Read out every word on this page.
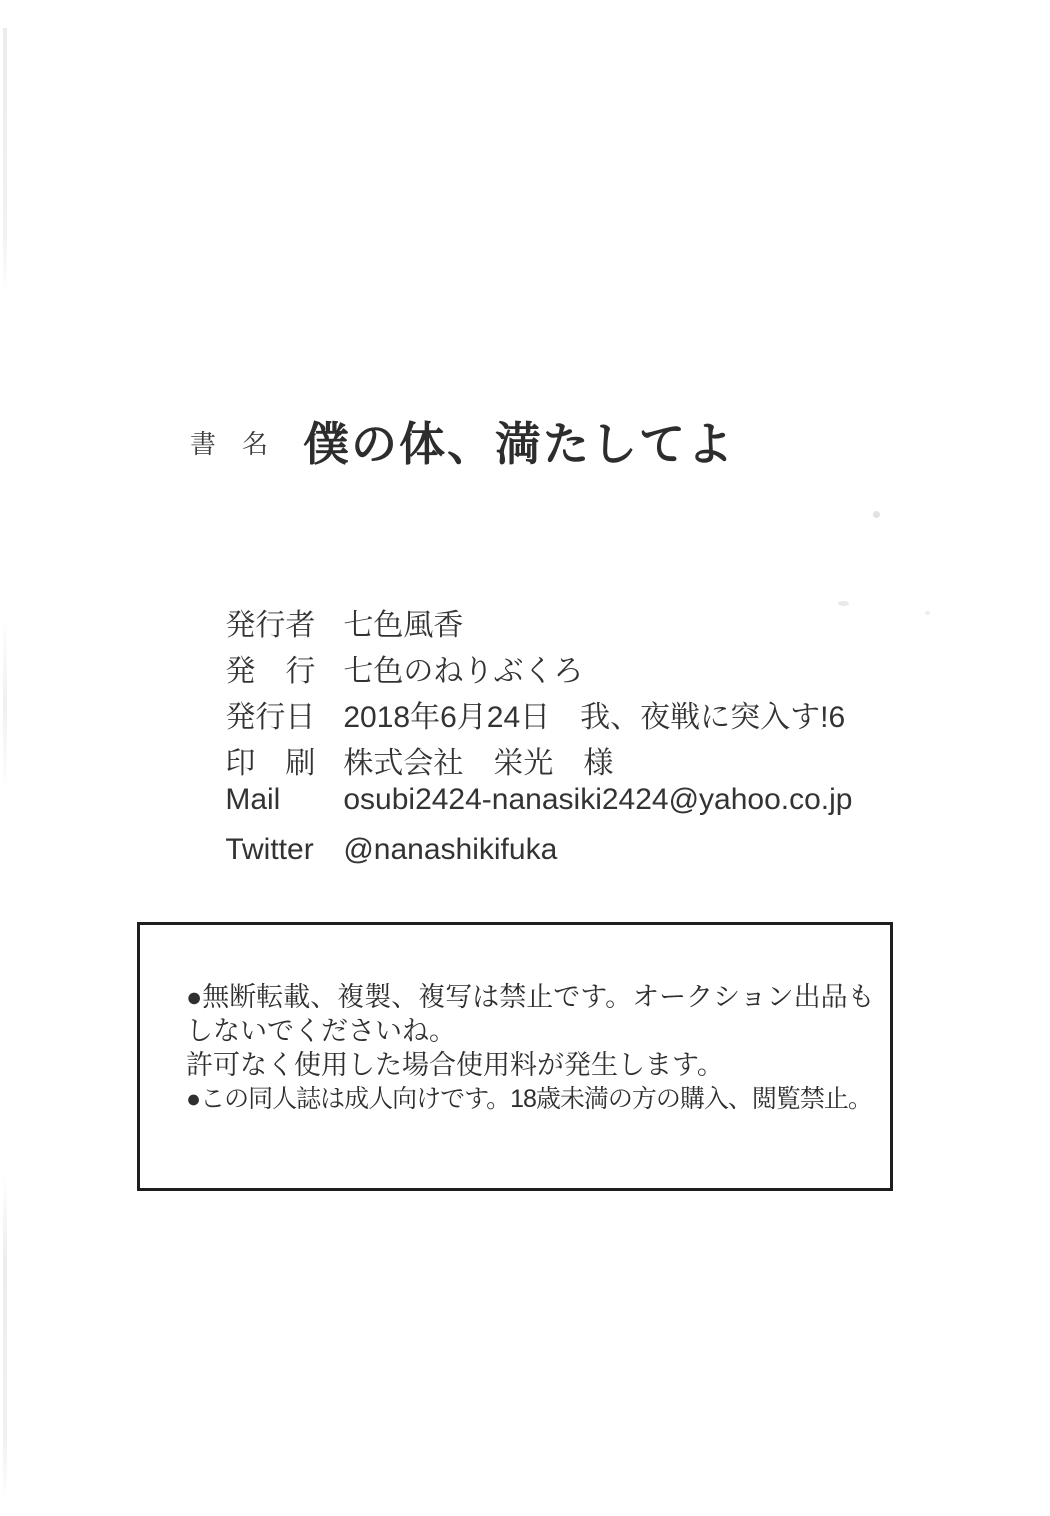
書　名 僕の体、満たしてよ

発行者 七色風香

発　行 七色のねりぶくろ

発行日 2018年6月24日　我、夜戦に突入す!6

印　刷 株式会社　栄光　様

Mail osubi2424-nanasiki2424@yahoo.co.jp

Twitter @nanashikifuka

●無断転載、複製、複写は禁止です。オークション出品も
しないでくださいね。
許可なく使用した場合使用料が発生します。
●この同人誌は成人向けです。18歳未満の方の購入、閲覧禁止。
